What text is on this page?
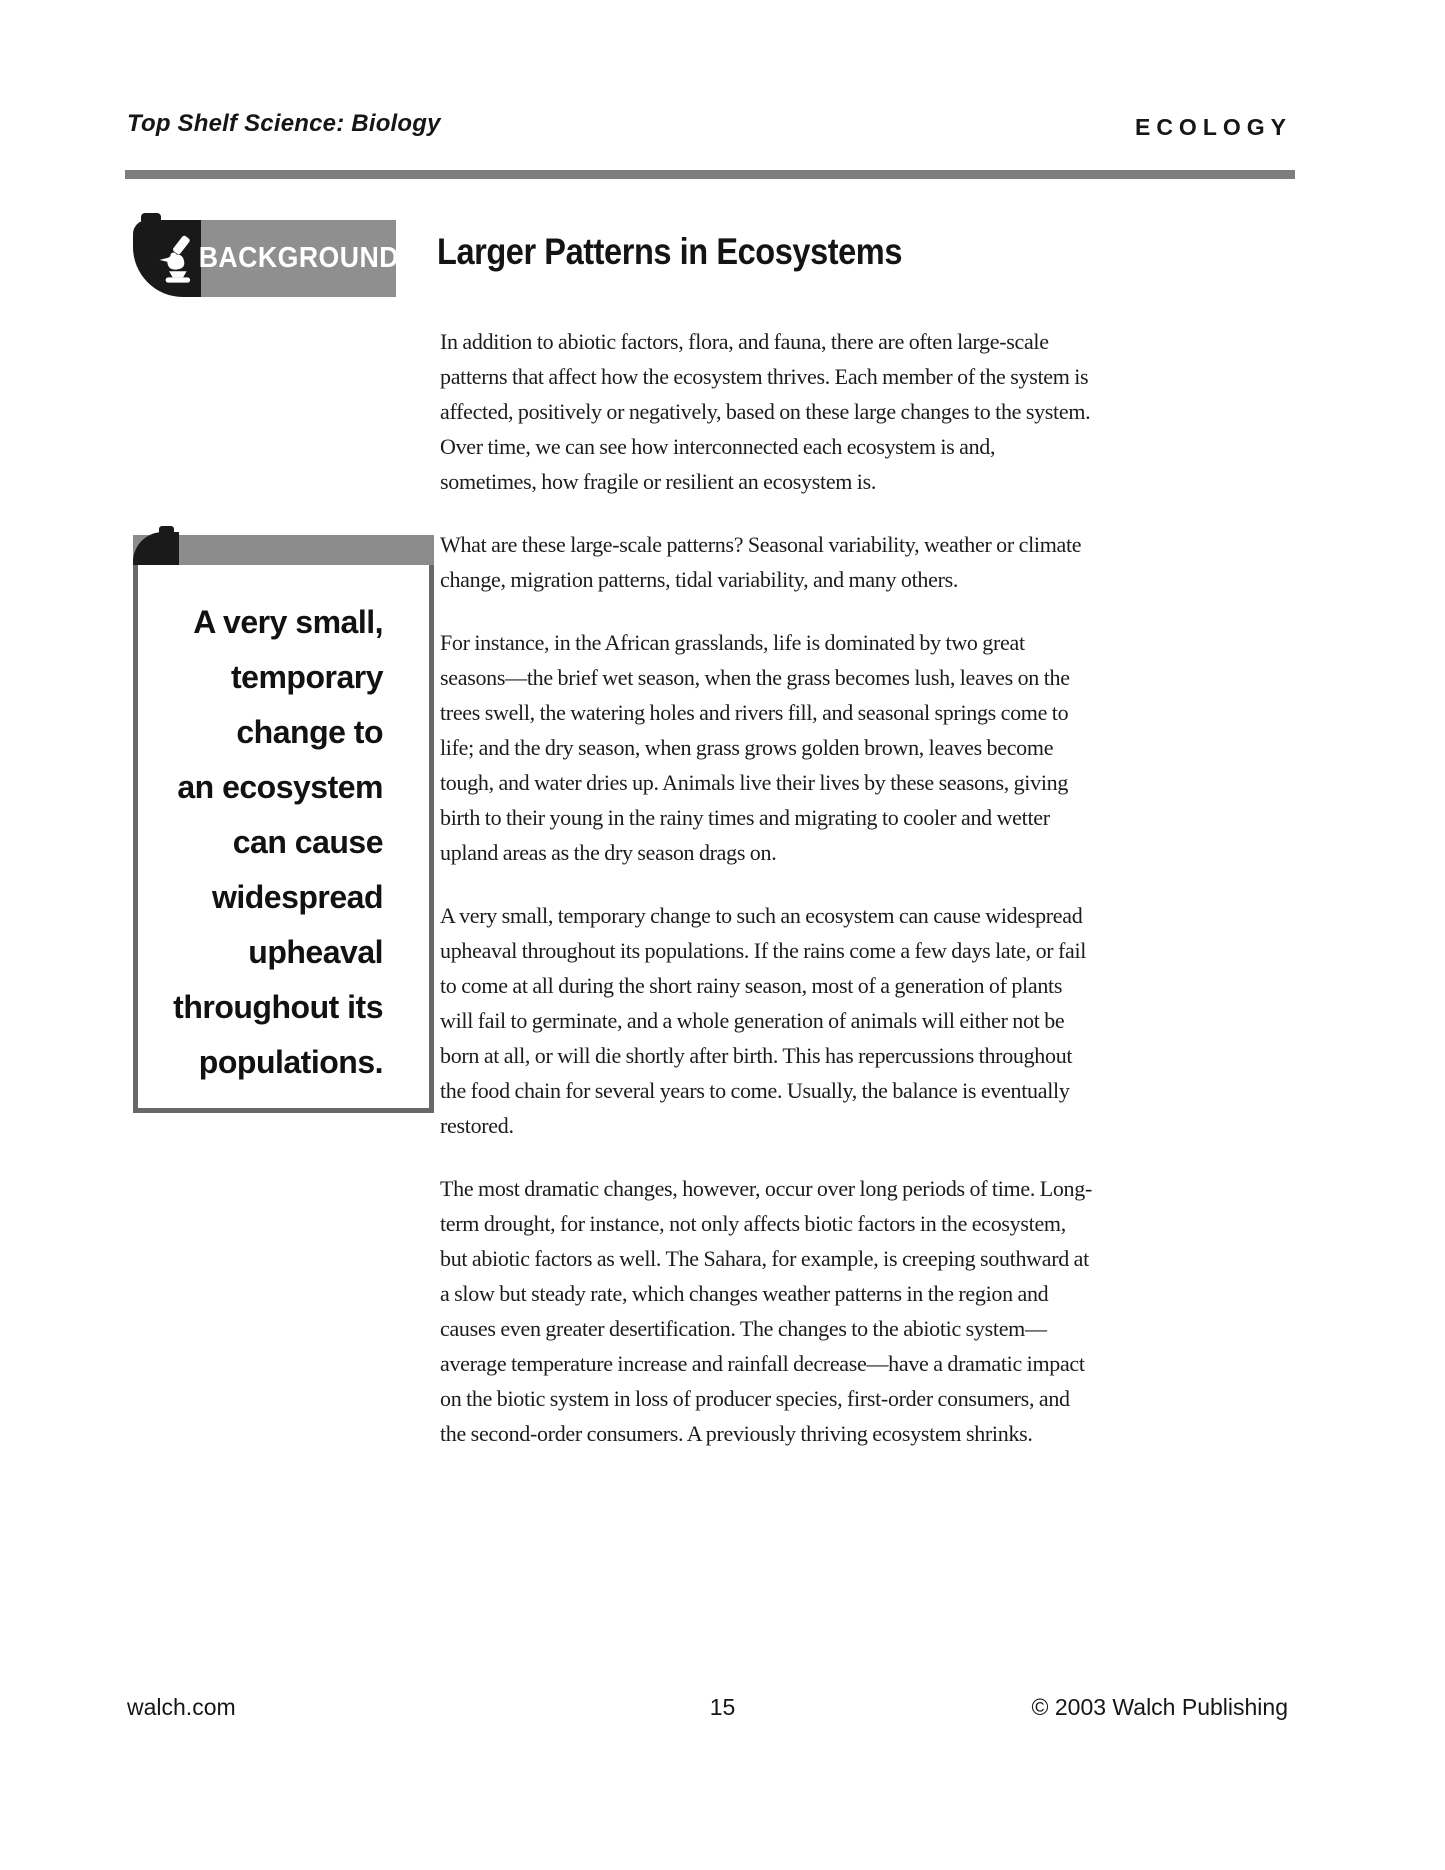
Top Shelf Science: Biology	ECOLOGY
BACKGROUND Larger Patterns in Ecosystems
A very small,
temporary
change to
an ecosystem
can cause
widespread
upheaval
throughout its
populations.

In addition to abiotic factors, flora, and fauna, there are often large-scale patterns that affect how the ecosystem thrives. Each member of the system is affected, positively or negatively, based on these large changes to the system. Over time, we can see how interconnected each ecosystem is and, sometimes, how fragile or resilient an ecosystem is.

What are these large-scale patterns? Seasonal variability, weather or climate change, migration patterns, tidal variability, and many others.

For instance, in the African grasslands, life is dominated by two great seasons—the brief wet season, when the grass becomes lush, leaves on the trees swell, the watering holes and rivers fill, and seasonal springs come to life; and the dry season, when grass grows golden brown, leaves become tough, and water dries up. Animals live their lives by these seasons, giving birth to their young in the rainy times and migrating to cooler and wetter upland areas as the dry season drags on.

A very small, temporary change to such an ecosystem can cause widespread upheaval throughout its populations. If the rains come a few days late, or fail to come at all during the short rainy season, most of a generation of plants will fail to germinate, and a whole generation of animals will either not be born at all, or will die shortly after birth. This has repercussions throughout the food chain for several years to come. Usually, the balance is eventually restored.

The most dramatic changes, however, occur over long periods of time. Long-term drought, for instance, not only affects biotic factors in the ecosystem, but abiotic factors as well. The Sahara, for example, is creeping southward at a slow but steady rate, which changes weather patterns in the region and causes even greater desertification. The changes to the abiotic system—average temperature increase and rainfall decrease—have a dramatic impact on the biotic system in loss of producer species, first-order consumers, and the second-order consumers. A previously thriving ecosystem shrinks.

15
walch.com	© 2003 Walch Publishing
